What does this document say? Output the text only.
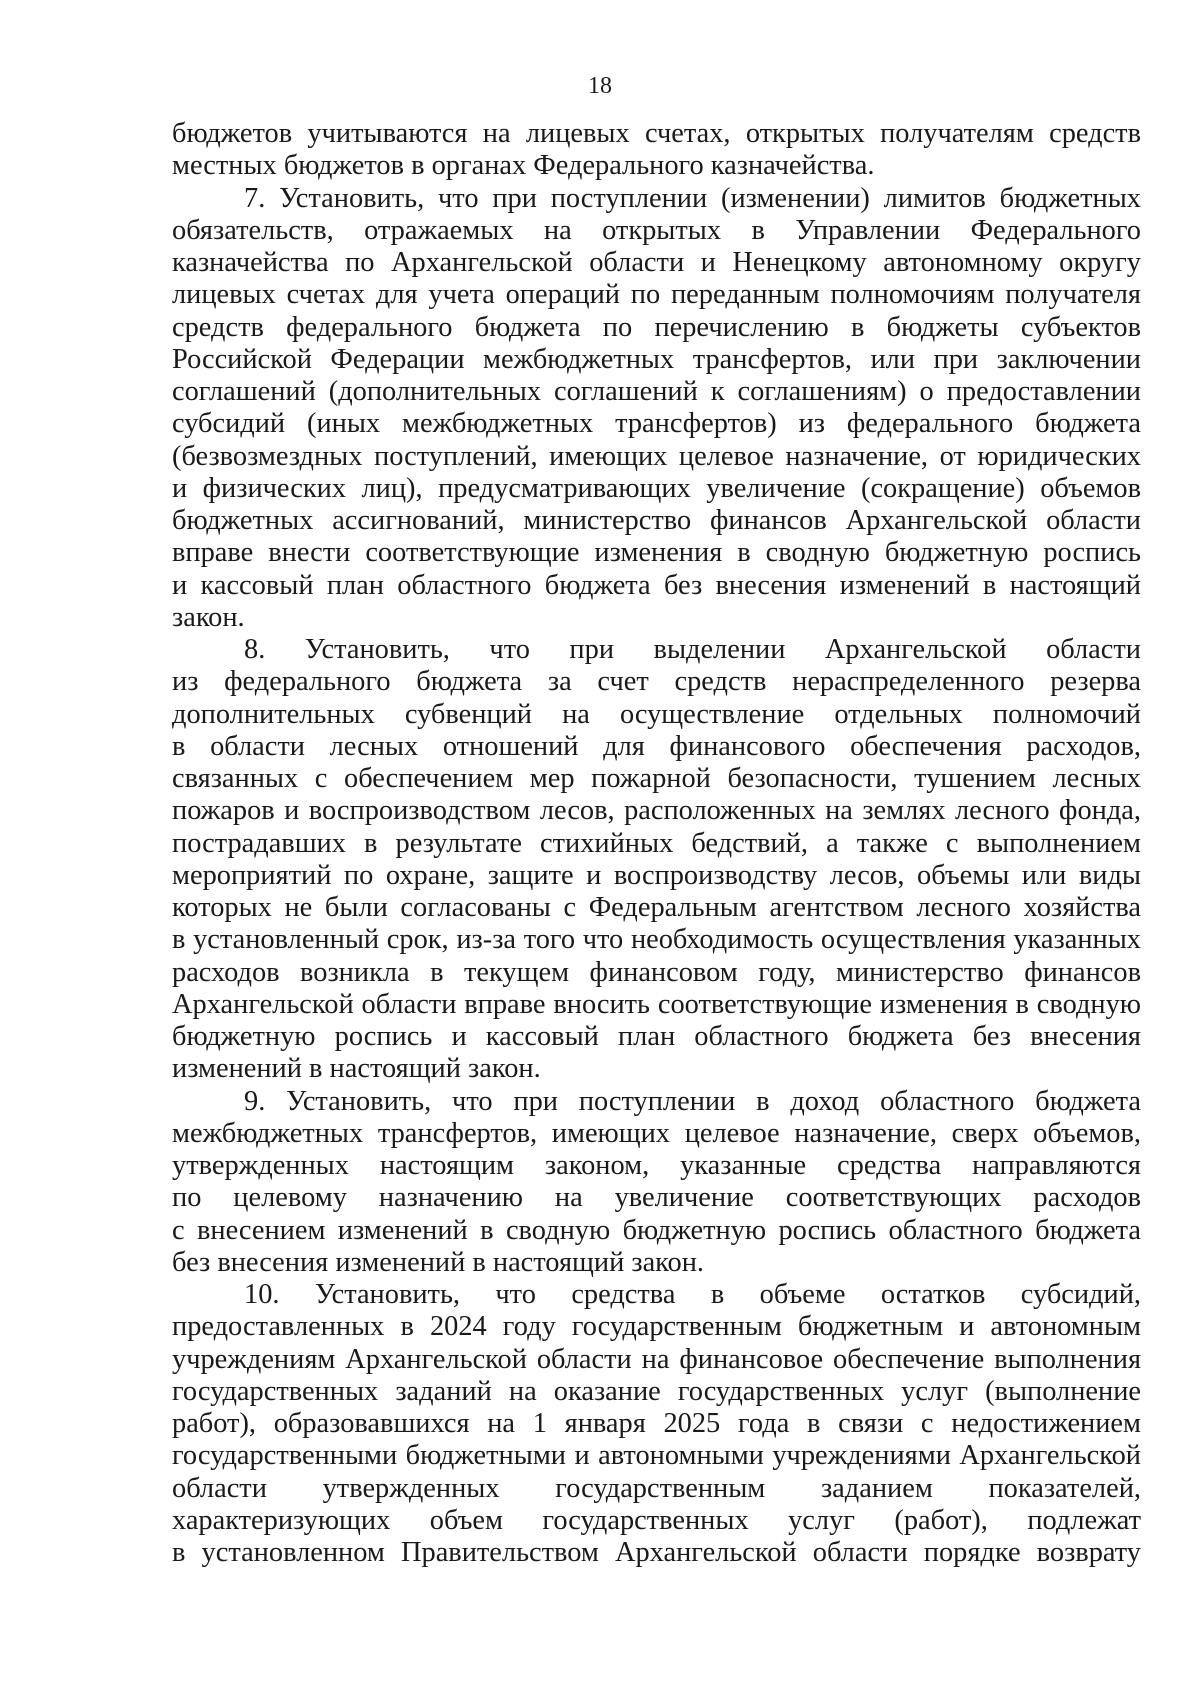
18
бюджетов учитываются на лицевых счетах, открытых получателям средств
местных бюджетов в органах Федерального казначейства.
7. Установить, что при поступлении (изменении) лимитов бюджетных
обязательств, отражаемых на открытых в Управлении Федерального
казначейства по Архангельской области и Ненецкому автономному округу
лицевых счетах для учета операций по переданным полномочиям получателя
средств федерального бюджета по перечислению в бюджеты субъектов
Российской Федерации межбюджетных трансфертов, или при заключении
соглашений (дополнительных соглашений к соглашениям) о предоставлении
субсидий (иных межбюджетных трансфертов) из федерального бюджета
(безвозмездных поступлений, имеющих целевое назначение, от юридических
и физических лиц), предусматривающих увеличение (сокращение) объемов
бюджетных ассигнований, министерство финансов Архангельской области
вправе внести соответствующие изменения в сводную бюджетную роспись
и кассовый план областного бюджета без внесения изменений в настоящий
закон.
8. Установить, что при выделении Архангельской области
из федерального бюджета за счет средств нераспределенного резерва
дополнительных субвенций на осуществление отдельных полномочий
в области лесных отношений для финансового обеспечения расходов,
связанных с обеспечением мер пожарной безопасности, тушением лесных
пожаров и воспроизводством лесов, расположенных на землях лесного фонда,
пострадавших в результате стихийных бедствий, а также с выполнением
мероприятий по охране, защите и воспроизводству лесов, объемы или виды
которых не были согласованы с Федеральным агентством лесного хозяйства
в установленный срок, из-за того что необходимость осуществления указанных
расходов возникла в текущем финансовом году, министерство финансов
Архангельской области вправе вносить соответствующие изменения в сводную
бюджетную роспись и кассовый план областного бюджета без внесения
изменений в настоящий закон.
9. Установить, что при поступлении в доход областного бюджета
межбюджетных трансфертов, имеющих целевое назначение, сверх объемов,
утвержденных настоящим законом, указанные средства направляются
по целевому назначению на увеличение соответствующих расходов
с внесением изменений в сводную бюджетную роспись областного бюджета
без внесения изменений в настоящий закон.
10. Установить, что средства в объеме остатков субсидий,
предоставленных в 2024 году государственным бюджетным и автономным
учреждениям Архангельской области на финансовое обеспечение выполнения
государственных заданий на оказание государственных услуг (выполнение
работ), образовавшихся на 1 января 2025 года в связи с недостижением
государственными бюджетными и автономными учреждениями Архангельской
области утвержденных государственным заданием показателей,
характеризующих объем государственных услуг (работ), подлежат
в установленном Правительством Архангельской области порядке возврату
